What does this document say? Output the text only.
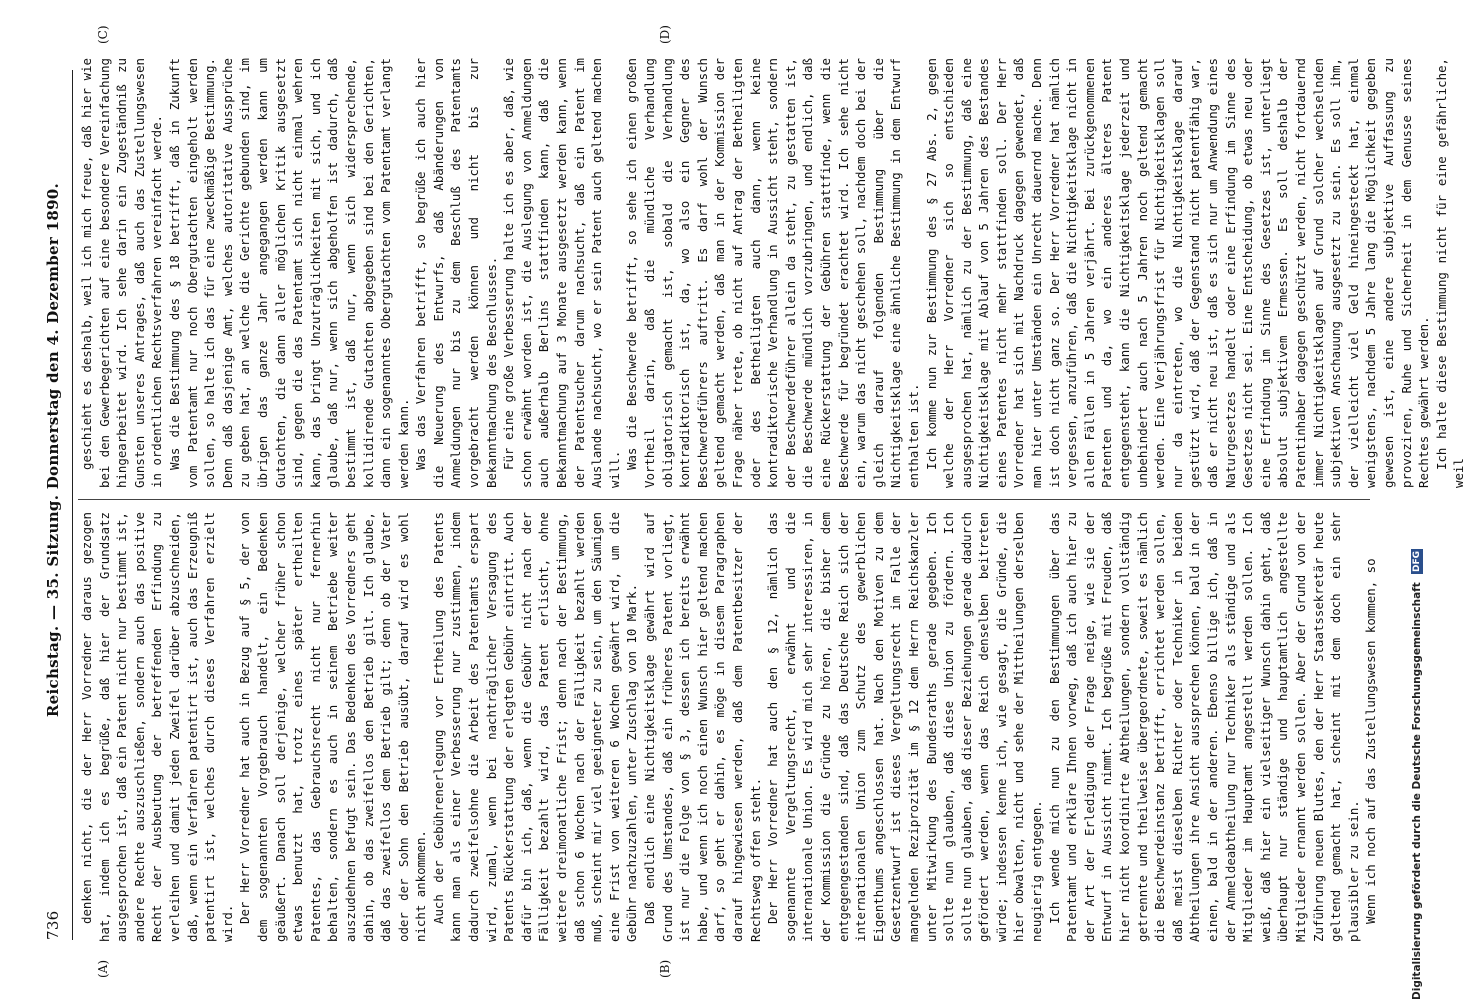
736
Reichstag. — 35. Sitzung. Donnerstag den 4. Dezember 1890.
(A)	(B)
(C)	(D)

denken nicht, die der Herr Vorredner daraus gezogen hat, indem ich es begrüße, daß hier der Grundsatz ausgesprochen ist, daß ein Patent nicht nur bestimmt ist, andere Rechte auszuschließen, sondern auch das positive Recht der Ausbeutung der betreffenden Erfindung zu verleihen und damit jeden Zweifel darüber abzuschneiden, daß, wenn ein Verfahren patentirt ist, auch das Erzeugniß patentirt ist, welches durch dieses Verfahren erzielt wird. Der Herr Vorredner hat auch in Bezug auf § 5, der von dem sogenannten Vorgebrauch handelt, ein Bedenken geäußert. Danach soll derjenige, welcher früher schon etwas benutzt hat, trotz eines später ertheilten Patentes, das Gebrauchsrecht nicht nur fernerhin behalten, sondern es auch in seinem Betriebe weiter auszudehnen befugt sein. Das Bedenken des Vorredners geht dahin, ob das zweifellos den Betrieb gilt. Ich glaube, daß das zweifellos dem Betrieb gilt; denn ob der Vater oder der Sohn den Betrieb ausübt, darauf wird es wohl nicht ankommen. Auch der Gebührenerlegung vor Ertheilung des Patents kann man als einer Verbesserung nur zustimmen, indem dadurch zweifelsohne die Arbeit des Patentamts erspart wird, zumal, wenn bei nachträglicher Versagung des Patents Rückerstattung der erlegten Gebühr eintritt. Auch dafür bin ich, daß, wenn die Gebühr nicht nach der Fälligkeit bezahlt wird, das Patent erlischt, ohne weitere dreimonatliche Frist; denn nach der Bestimmung, daß schon 6 Wochen nach der Fälligkeit bezahlt werden muß, scheint mir viel geeigneter zu sein, um den Säumigen eine Frist von weiteren 6 Wochen gewährt wird, um die Gebühr nachzuzahlen, unter Zuschlag von 10 Mark. Daß endlich eine Nichtigkeitsklage gewährt wird auf Grund des Umstandes, daß ein früheres Patent vorliegt, ist nur die Folge von § 3, dessen ich bereits erwähnt habe, und wenn ich noch einen Wunsch hier geltend machen darf, so geht er dahin, es möge in diesem Paragraphen darauf hingewiesen werden, daß dem Patentbesitzer der Rechtsweg offen steht. Der Herr Vorredner hat auch den § 12, nämlich das sogenannte Vergeltungsrecht, erwähnt und die internationale Union. Es wird mich sehr interessiren, in der Kommission die Gründe zu hören, die bisher dem entgegengestanden sind, daß das Deutsche Reich sich der internationalen Union zum Schutz des gewerblichen Eigenthums angeschlossen hat. Nach den Motiven zu dem Gesetzentwurf ist dieses Vergeltungsrecht im Falle der mangelnden Reziprozität im § 12 dem Herrn Reichskanzler unter Mitwirkung des Bundesraths gerade gegeben. Ich sollte nun glauben, daß diese Union zu fördern. Ich sollte nun glauben, daß dieser Beziehungen gerade dadurch gefördert werden, wenn das Reich denselben beitreten würde; indessen kenne ich, wie gesagt, die Gründe, die hier obwalten, nicht und sehe der Mittheilungen derselben neugierig entgegen. Ich wende mich nun zu den Bestimmungen über das Patentamt und erkläre Ihnen vorweg, daß ich auch hier zu der Art der Erledigung der Frage neige, wie sie der Entwurf in Aussicht nimmt. Ich begrüße mit Freuden, daß hier nicht koordinirte Abtheilungen, sondern vollständig getrennte und theilweise übergeordnete, soweit es nämlich die Beschwerdeinstanz betrifft, errichtet werden sollen, daß meist dieselben Richter oder Techniker in beiden Abtheilungen ihre Ansicht aussprechen können, bald in der einen, bald in der anderen. Ebenso billige ich, daß in der Anmeldeabtheilung nur Techniker als ständige und als Mitglieder im Hauptamt angestellt werden sollen. Ich weiß, daß hier ein vielseitiger Wunsch dahin geht, daß überhaupt nur ständige und hauptamtlich angestellte Mitglieder ernannt werden sollen. Aber der Grund von der Zuführung neuen Blutes, den der Herr Staatssekretär heute geltend gemacht hat, scheint mit dem doch ein sehr plausibler zu sein. Wenn ich noch auf das Zustellungswesen kommen, so

geschieht es deshalb, weil ich mich freue, daß hier wie bei den Gewerbegerichten auf eine besondere Vereinfachung hingearbeitet wird. Ich sehe darin ein Zugeständniß zu Gunsten unseres Antrages, daß auch das Zustellungswesen in ordentlichen Rechtsverfahren vereinfacht werde. Was die Bestimmung des § 18 betrifft, daß in Zukunft vom Patentamt nur noch Obergutachten eingeholt werden sollen, so halte ich das für eine zweckmäßige Bestimmung. Denn daß dasjenige Amt, welches autoritative Aussprüche zu geben hat, an welche die Gerichte gebunden sind, im übrigen das ganze Jahr angegangen werden kann um Gutachten, die dann aller möglichen Kritik ausgesetzt sind, gegen die das Patentamt sich nicht einmal wehren kann, das bringt Unzuträglichkeiten mit sich, und ich glaube, daß nur, wenn sich abgeholfen ist dadurch, daß bestimmt ist, daß nur, wenn sich widersprechende, kollidirende Gutachten abgegeben sind bei den Gerichten, dann ein sogenanntes Obergutachten vom Patentamt verlangt werden kann. Was das Verfahren betrifft, so begrüße ich auch hier die Neuerung des Entwurfs, daß Abänderungen von Anmeldungen nur bis zu dem Beschluß des Patentamts vorgebracht werden können und nicht bis zur Bekanntmachung des Beschlusses. Für eine große Verbesserung halte ich es aber, daß, wie schon erwähnt worden ist, die Auslegung von Anmeldungen auch außerhalb Berlins stattfinden kann, daß die Bekanntmachung auf 3 Monate ausgesetzt werden kann, wenn der Patentsucher darum nachsucht, daß ein Patent im Auslande nachsucht, wo er sein Patent auch geltend machen will. Was die Beschwerde betrifft, so sehe ich einen großen Vortheil darin, daß die mündliche Verhandlung obligatorisch gemacht ist, sobald die Verhandlung kontradiktorisch ist, da, wo also ein Gegner des Beschwerdeführers auftritt. Es darf wohl der Wunsch geltend gemacht werden, daß man in der Kommission der Frage näher trete, ob nicht auf Antrag der Betheiligten oder des Betheiligten auch dann, wenn keine kontradiktorische Verhandlung in Aussicht steht, sondern der Beschwerdeführer allein da steht, zu gestatten ist, die Beschwerde mündlich vorzubringen, und endlich, daß eine Rückerstattung der Gebühren stattfinde, wenn die Beschwerde für begründet erachtet wird. Ich sehe nicht ein, warum das nicht geschehen soll, nachdem doch bei der gleich darauf folgenden Bestimmung über die Nichtigkeitsklage eine ähnliche Bestimmung in dem Entwurf enthalten ist. Ich komme nun zur Bestimmung des § 27 Abs. 2, gegen welche der Herr Vorredner sich so entschieden ausgesprochen hat, nämlich zu der Bestimmung, daß eine Nichtigkeitsklage mit Ablauf von 5 Jahren des Bestandes eines Patentes nicht mehr stattfinden soll. Der Herr Vorredner hat sich mit Nachdruck dagegen gewendet, daß man hier unter Umständen ein Unrecht dauernd mache. Denn ist doch nicht ganz so. Der Herr Vorredner hat nämlich vergessen, anzuführen, daß die Nichtigkeitsklage nicht in allen Fällen in 5 Jahren verjährt. Bei zurückgenommenen Patenten und da, wo ein anderes älteres Patent entgegensteht, kann die Nichtigkeitsklage jederzeit und unbehindert auch nach 5 Jahren noch geltend gemacht werden. Eine Verjährungsfrist für Nichtigkeitsklagen soll nur da eintreten, wo die Nichtigkeitsklage darauf gestützt wird, daß der Gegenstand nicht patentfähig war, daß er nicht neu ist, daß es sich nur um Anwendung eines Naturgesetzes handelt oder eine Erfindung im Sinne des Gesetzes nicht sei. Eine Entscheidung, ob etwas neu oder eine Erfindung im Sinne des Gesetzes ist, unterliegt absolut subjektivem Ermessen. Es soll deshalb der Patentinhaber dagegen geschützt werden, nicht fortdauernd immer Nichtigkeitsklagen auf Grund solcher wechselnden subjektiven Anschauung ausgesetzt zu sein. Es soll ihm, der vielleicht viel Geld hineingesteckt hat, einmal wenigstens, nachdem 5 Jahre lang die Möglichkeit gegeben gewesen ist, eine andere subjektive Auffassung zu provoziren, Ruhe und Sicherheit in dem Genusse seines Rechtes gewährt werden. Ich halte diese Bestimmung nicht für eine gefährliche, weil

Digitalisierung gefördert durch die Deutsche Forschungsgemeinschaft
DFG
